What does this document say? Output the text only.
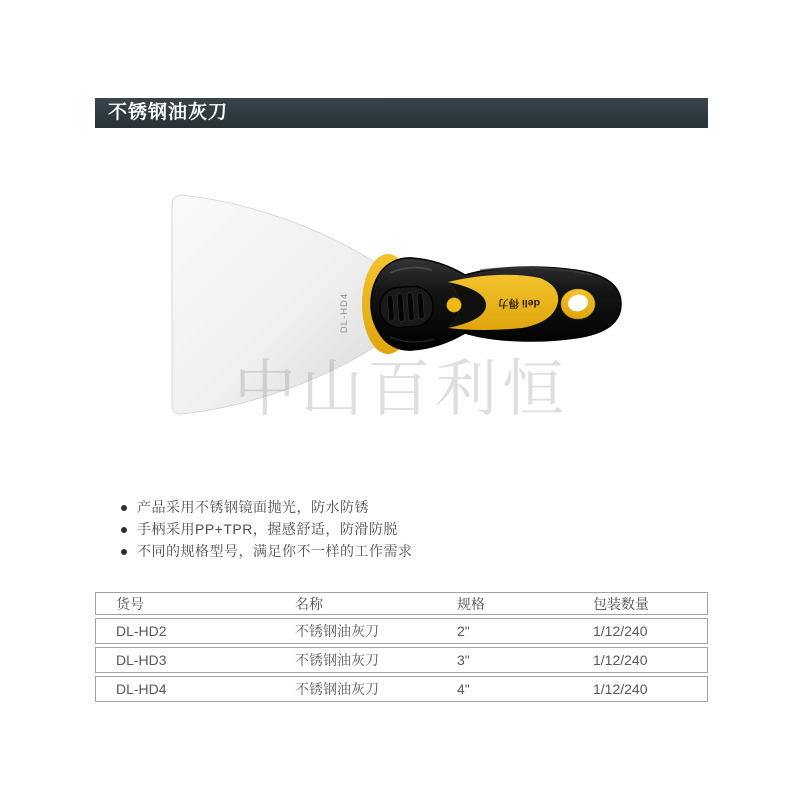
不锈钢油灰刀
DL-HD4	deli 得力
中山百利恒
产品采用不锈钢镜面抛光，防水防锈
手柄采用PP+TPR，握感舒适，防滑防脱
不同的规格型号，满足你不一样的工作需求
货号	名称	规格	包装数量
DL-HD2	不锈钢油灰刀	2"	1/12/240
DL-HD3	不锈钢油灰刀	3"	1/12/240
DL-HD4	不锈钢油灰刀	4"	1/12/240
